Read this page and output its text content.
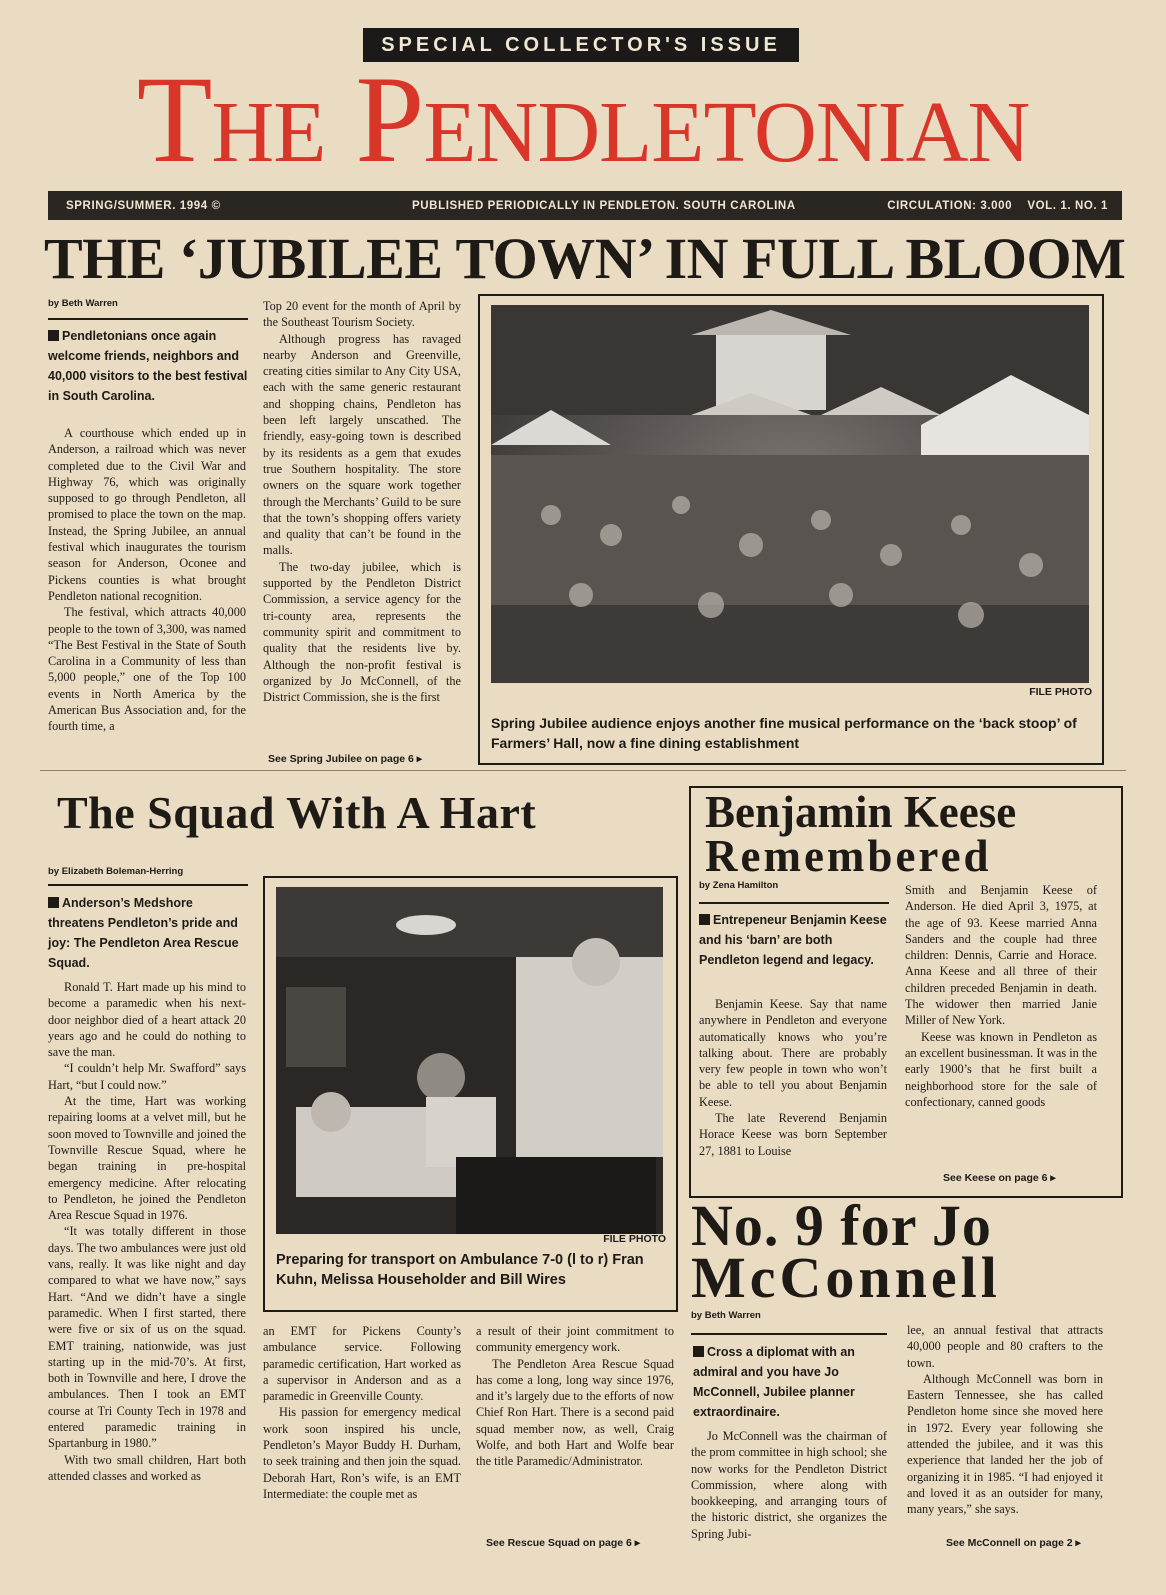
SPECIAL COLLECTOR'S ISSUE
The Pendletonian
SPRING/SUMMER. 1994 ©	PUBLISHED PERIODICALLY IN PENDLETON. SOUTH CAROLINA	CIRCULATION: 3.000    VOL. 1. NO. 1
THE ‘JUBILEE TOWN’ IN FULL BLOOM
by Beth Warren
Pendletonians once again welcome friends, neighbors and 40,000 visitors to the best festival in South Carolina.

A courthouse which ended up in Anderson, a railroad which was never completed due to the Civil War and Highway 76, which was originally supposed to go through Pendleton, all promised to place the town on the map. Instead, the Spring Jubilee, an annual festival which inaugurates the tourism season for Anderson, Oconee and Pickens counties is what brought Pendleton national recognition.

The festival, which attracts 40,000 people to the town of 3,300, was named “The Best Festival in the State of South Carolina in a Community of less than 5,000 people,” one of the Top 100 events in North America by the American Bus Association and, for the fourth time, a

Top 20 event for the month of April by the Southeast Tourism Society.

Although progress has ravaged nearby Anderson and Greenville, creating cities similar to Any City USA, each with the same generic restaurant and shopping chains, Pendleton has been left largely unscathed. The friendly, easy-going town is described by its residents as a gem that exudes true Southern hospitality. The store owners on the square work together through the Merchants’ Guild to be sure that the town’s shopping offers variety and quality that can’t be found in the malls.

The two-day jubilee, which is supported by the Pendleton District Commission, a service agency for the tri-county area, represents the community spirit and commitment to quality that the residents live by. Although the non-profit festival is organized by Jo McConnell, of the District Commission, she is the first

See Spring Jubilee on page 6 ▸
FILE PHOTO
Spring Jubilee audience enjoys another fine musical performance on the ‘back stoop’ of Farmers’ Hall, now a fine dining establishment
The Squad With A Hart
by Elizabeth Boleman-Herring
Anderson’s Medshore threatens Pendleton’s pride and joy: The Pendleton Area Rescue Squad.

Ronald T. Hart made up his mind to become a paramedic when his next-door neighbor died of a heart attack 20 years ago and he could do nothing to save the man.

“I couldn’t help Mr. Swafford” says Hart, “but I could now.”

At the time, Hart was working repairing looms at a velvet mill, but he soon moved to Townville and joined the Townville Rescue Squad, where he began training in pre-hospital emergency medicine. After relocating to Pendleton, he joined the Pendleton Area Rescue Squad in 1976.

“It was totally different in those days. The two ambulances were just old vans, really. It was like night and day compared to what we have now,” says Hart. “And we didn’t have a single paramedic. When I first started, there were five or six of us on the squad. EMT training, nationwide, was just starting up in the mid-70’s. At first, both in Townville and here, I drove the ambulances. Then I took an EMT course at Tri County Tech in 1978 and entered paramedic training in Spartanburg in 1980.”

With two small children, Hart both attended classes and worked as

FILE PHOTO
Preparing for transport on Ambulance 7-0 (l to r) Fran Kuhn, Melissa Householder and Bill Wires

an EMT for Pickens County’s ambulance service. Following paramedic certification, Hart worked as a supervisor in Anderson and as a paramedic in Greenville County.

His passion for emergency medical work soon inspired his uncle, Pendleton’s Mayor Buddy H. Durham, to seek training and then join the squad. Deborah Hart, Ron’s wife, is an EMT Intermediate: the couple met as

a result of their joint commitment to community emergency work.

The Pendleton Area Rescue Squad has come a long, long way since 1976, and it’s largely due to the efforts of now Chief Ron Hart. There is a second paid squad member now, as well, Craig Wolfe, and both Hart and Wolfe bear the title Paramedic/Administrator.

See Rescue Squad on page 6 ▸
Benjamin Keese
Remembered
by Zena Hamilton
Entrepeneur Benjamin Keese and his ‘barn’ are both Pendleton legend and legacy.

Benjamin Keese. Say that name anywhere in Pendleton and everyone automatically knows who you’re talking about. There are probably very few people in town who won’t be able to tell you about Benjamin Keese.

The late Reverend Benjamin Horace Keese was born September 27, 1881 to Louise

Smith and Benjamin Keese of Anderson. He died April 3, 1975, at the age of 93. Keese married Anna Sanders and the couple had three children: Dennis, Carrie and Horace. Anna Keese and all three of their children preceded Benjamin in death. The widower then married Janie Miller of New York.

Keese was known in Pendleton as an excellent businessman. It was in the early 1900’s that he first built a neighborhood store for the sale of confectionary, canned goods

See Keese on page 6 ▸
No. 9 for Jo
McConnell
by Beth Warren
Cross a diplomat with an admiral and you have Jo McConnell, Jubilee planner extraordinaire.

Jo McConnell was the chairman of the prom committee in high school; she now works for the Pendleton District Commission, where along with bookkeeping, and arranging tours of the historic district, she organizes the Spring Jubi-

lee, an annual festival that attracts 40,000 people and 80 crafters to the town.

Although McConnell was born in Eastern Tennessee, she has called Pendleton home since she moved here in 1972. Every year following she attended the jubilee, and it was this experience that landed her the job of organizing it in 1985. “I had enjoyed it and loved it as an outsider for many, many years,” she says.

See McConnell on page 2 ▸
